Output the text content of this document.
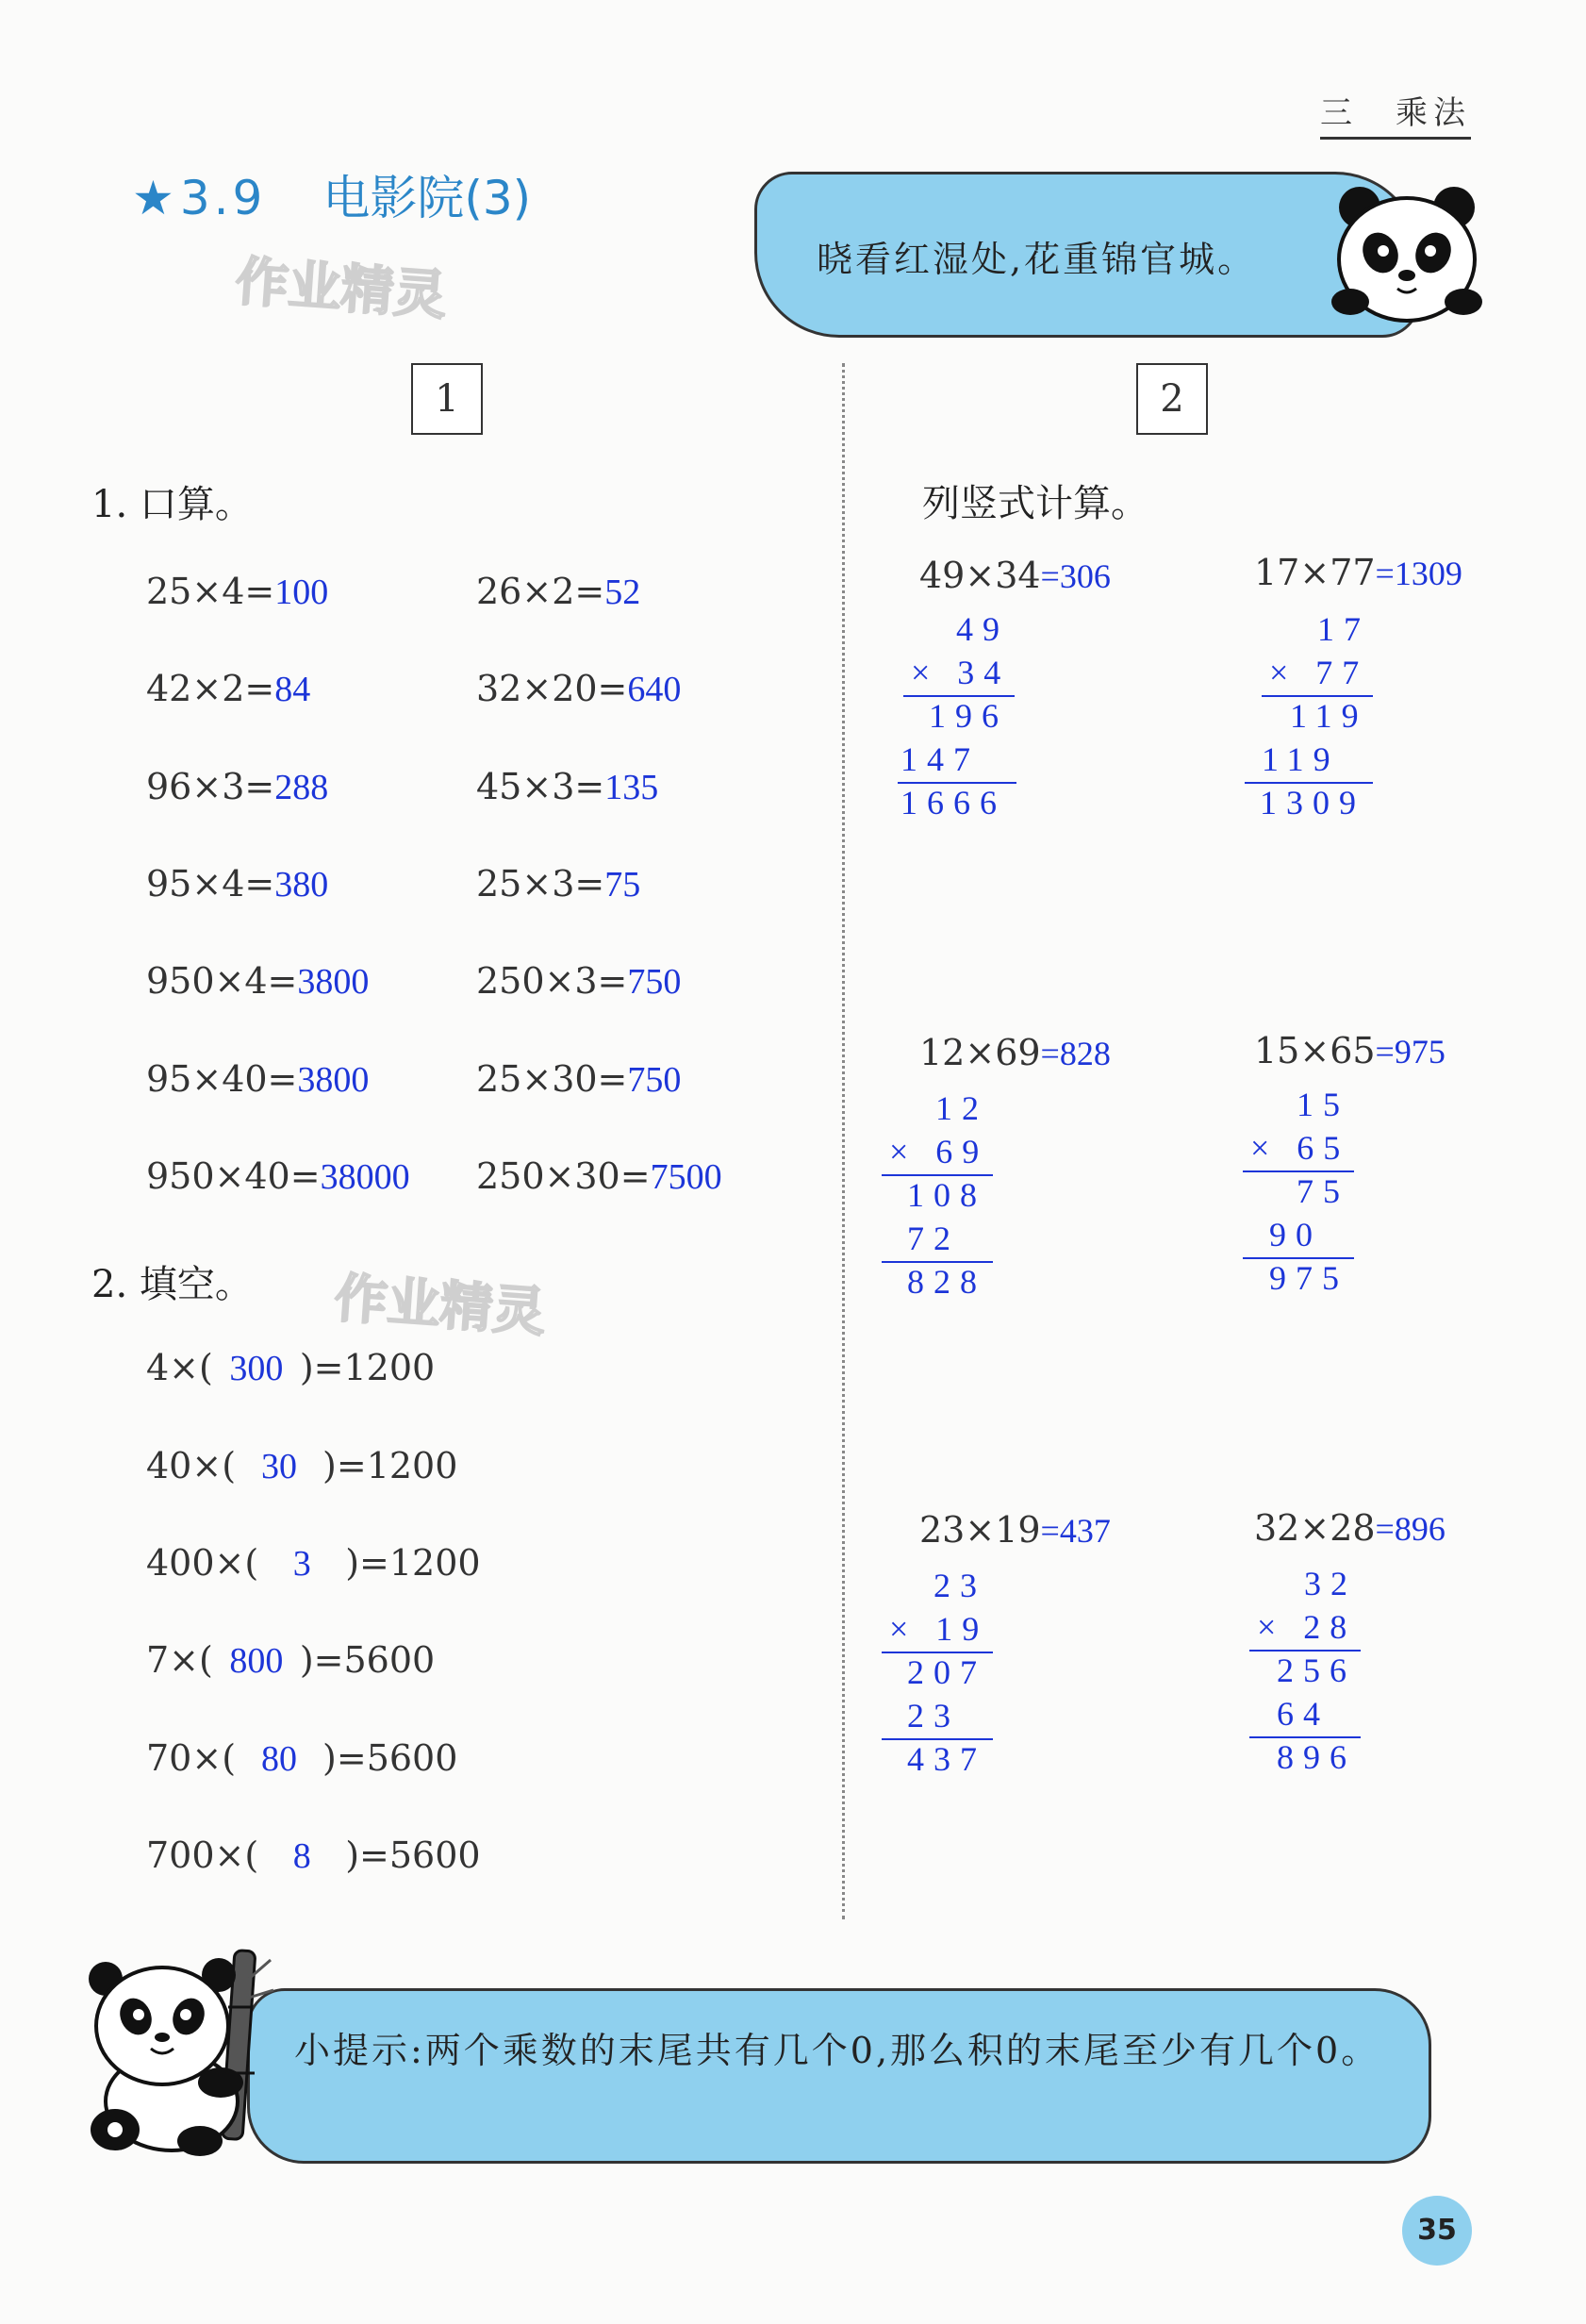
三　乘法
★ 3.9 电影院(3)
作业精灵	晓看红湿处,花重锦官城。
1	2
1. 口算。
25×4=100	26×2=52
42×2=84	32×20=640
96×3=288	45×3=135
95×4=380	25×3=75
950×4=3800	250×3=750
95×40=3800	25×30=750
950×40=38000 250×30=7500
2. 填空。 作业精灵
4×( 300 )=1200
40×( 30 )=1200
400×( 3 )=1200
7×( 800 )=5600
70×( 80 )=5600
700×( 8 )=5600
列竖式计算。
49×34=306
49
× 34
196
147
1666
17×77=1309
17
× 77
119
119
1309
12×69=828
12
× 69
108
72
828
15×65=975
15
× 65
75
90
975
23×19=437
23
× 19
207
23
437
32×28=896
32
× 28
256
64
896
小提示:两个乘数的末尾共有几个0,那么积的末尾至少有几个0。
35
